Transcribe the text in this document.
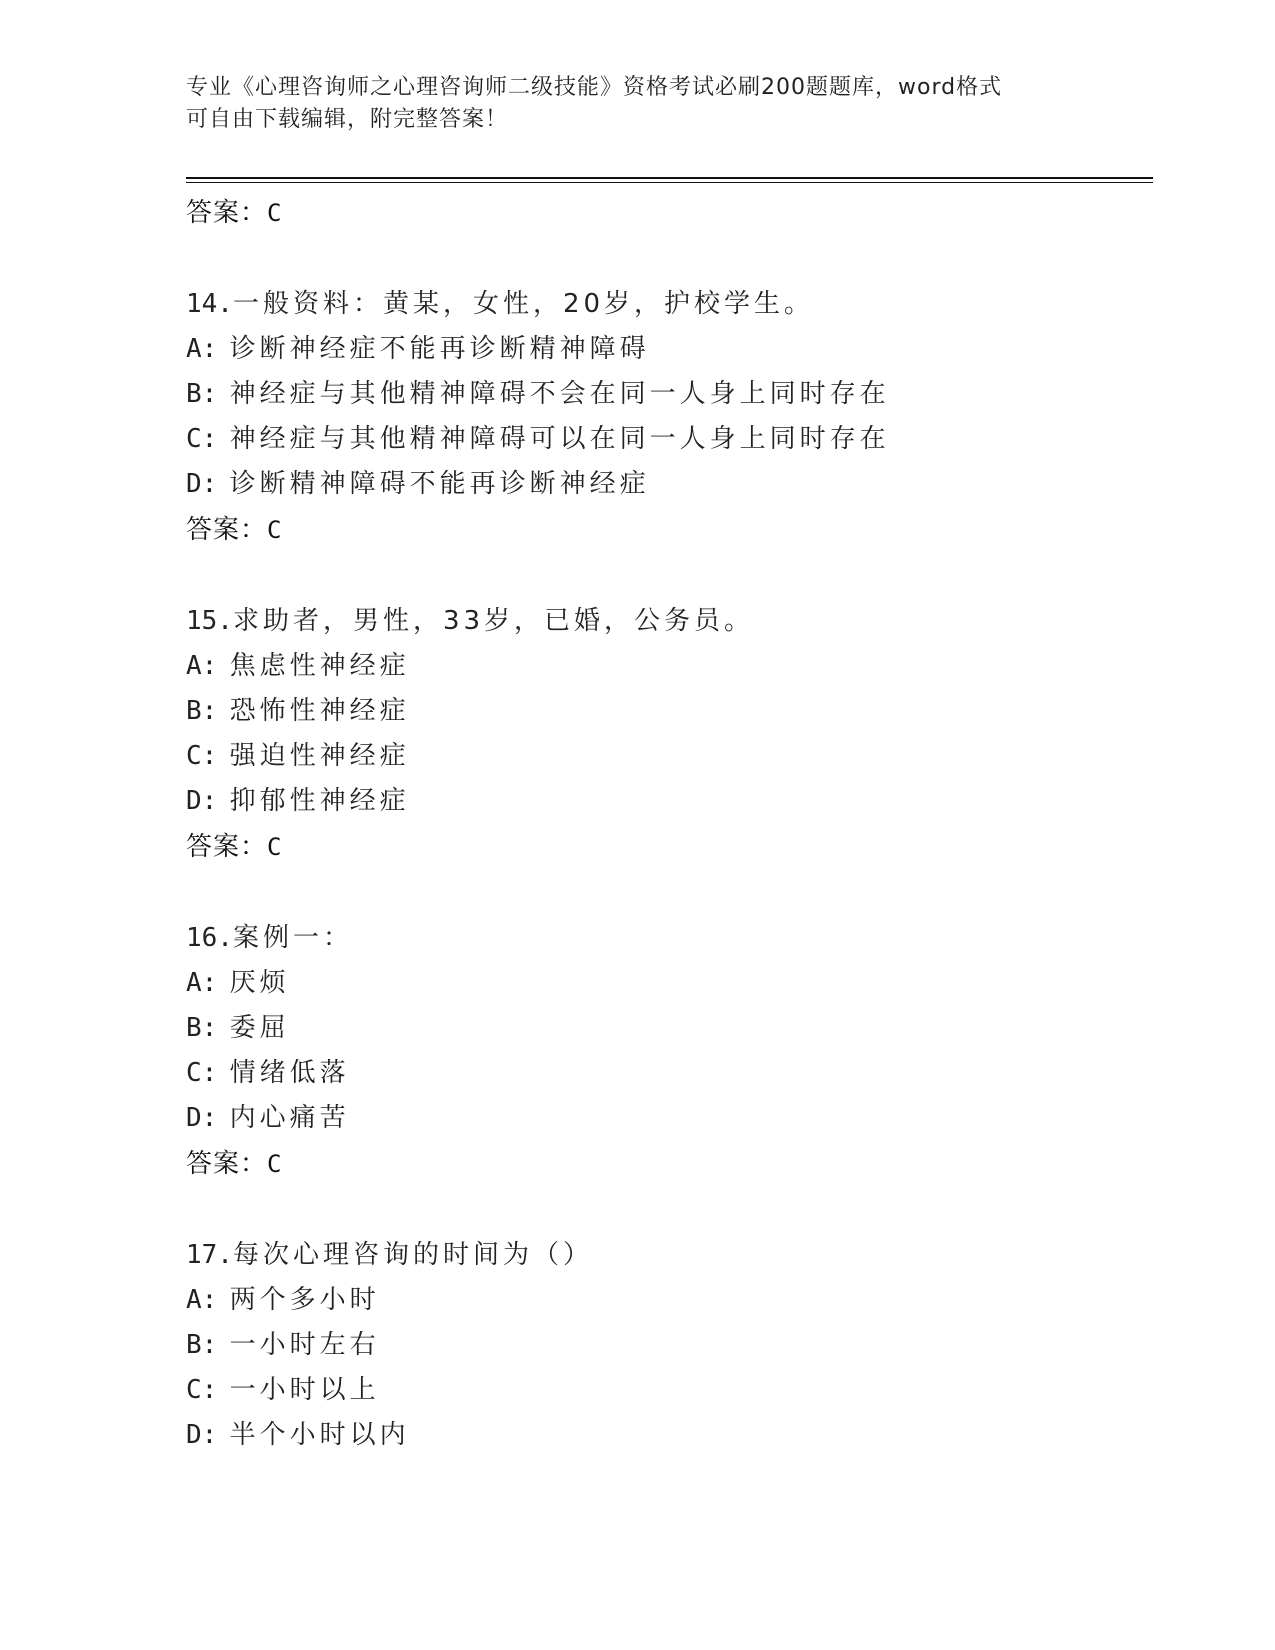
专业《心理咨询师之心理咨询师二级技能》资格考试必刷200题题库，word格式
可自由下载编辑，附完整答案！
答案：C
14.一般资料：黄某，女性，20岁，护校学生。
A: 诊断神经症不能再诊断精神障碍
B: 神经症与其他精神障碍不会在同一人身上同时存在
C: 神经症与其他精神障碍可以在同一人身上同时存在
D: 诊断精神障碍不能再诊断神经症
答案：C
15.求助者，男性，33岁，已婚，公务员。
A: 焦虑性神经症
B: 恐怖性神经症
C: 强迫性神经症
D: 抑郁性神经症
答案：C
16.案例一：
A: 厌烦
B: 委屈
C: 情绪低落
D: 内心痛苦
答案：C
17.每次心理咨询的时间为（）
A: 两个多小时
B: 一小时左右
C: 一小时以上
D: 半个小时以内
